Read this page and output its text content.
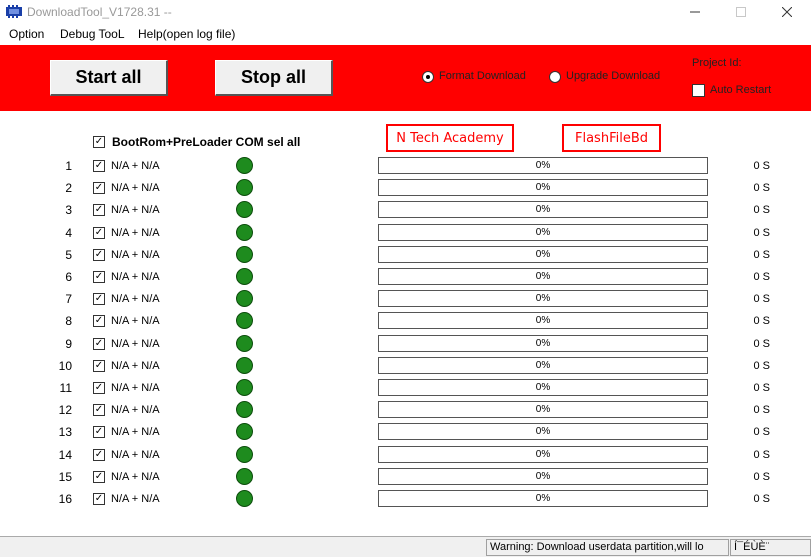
DownloadTool_V1728.31 --
Option Debug TooL Help(open log file)
Start all	Stop all	Format Download	Upgrade Download
Project Id:
Auto Restart
✓ BootRom+PreLoader COM sel all	N Tech Academy	FlashFileBd
1 ✓ N/A + N/A	0%	0 S
2 ✓ N/A + N/A	0%	0 S
3 ✓ N/A + N/A	0%	0 S
4 ✓ N/A + N/A	0%	0 S
5 ✓ N/A + N/A	0%	0 S
6 ✓ N/A + N/A	0%	0 S
7 ✓ N/A + N/A	0%	0 S
8 ✓ N/A + N/A	0%	0 S
9 ✓ N/A + N/A	0%	0 S
10 ✓ N/A + N/A	0%	0 S
11 ✓ N/A + N/A	0%	0 S
12 ✓ N/A + N/A	0%	0 S
13 ✓ N/A + N/A	0%	0 S
14 ✓ N/A + N/A	0%	0 S
15 ✓ N/A + N/A	0%	0 S
16 ✓ N/A + N/A	0%	0 S
Warning: Download userdata partition,will lo	Í¯ÉÙÈ¨
